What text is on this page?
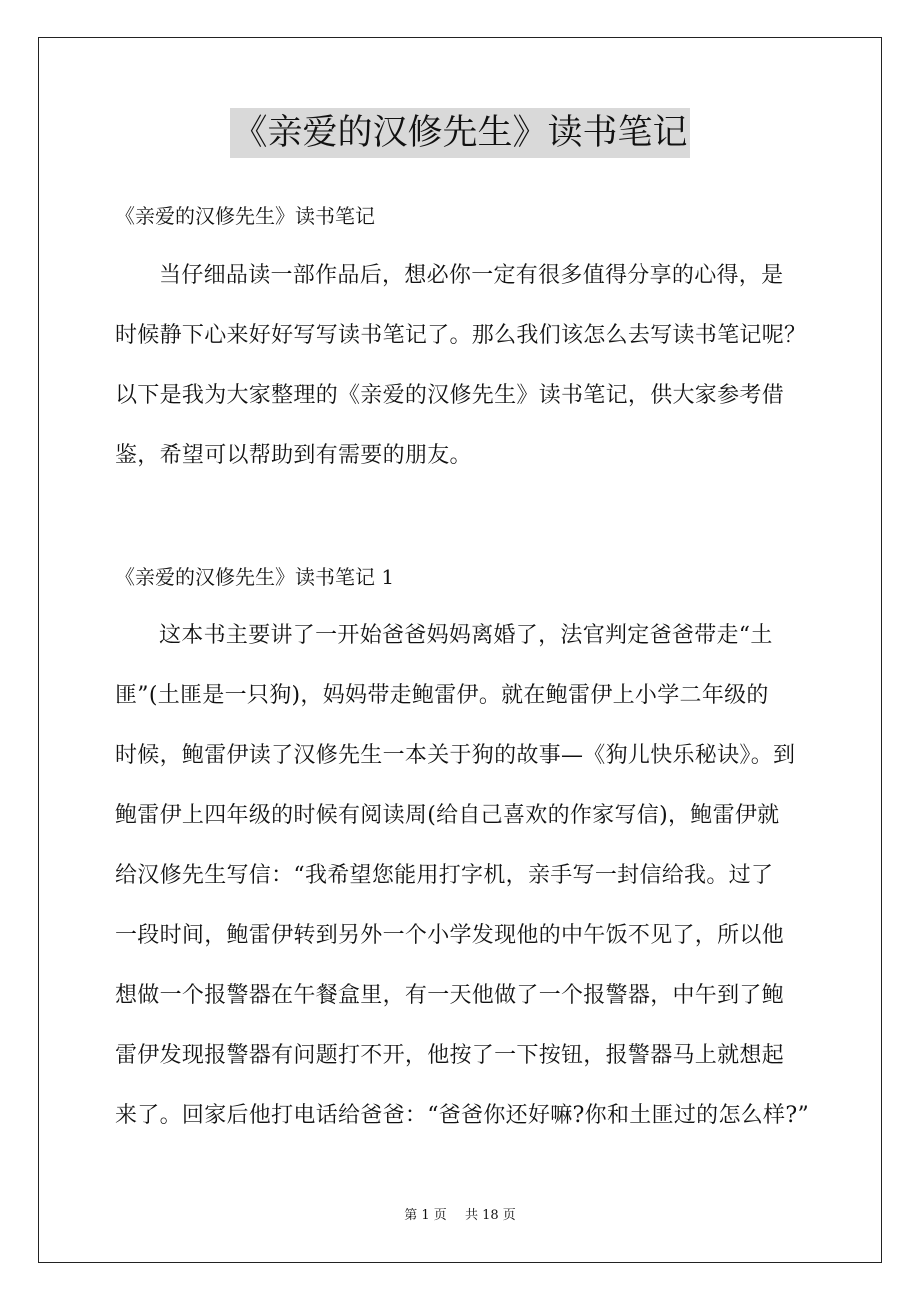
《亲爱的汉修先生》读书笔记

《亲爱的汉修先生》读书笔记

当仔细品读一部作品后，想必你一定有很多值得分享的心得，是
时候静下心来好好写写读书笔记了。那么我们该怎么去写读书笔记呢？
以下是我为大家整理的《亲爱的汉修先生》读书笔记，供大家参考借
鉴，希望可以帮助到有需要的朋友。

《亲爱的汉修先生》读书笔记 1

这本书主要讲了一开始爸爸妈妈离婚了，法官判定爸爸带走“土
匪”(土匪是一只狗)，妈妈带走鲍雷伊。就在鲍雷伊上小学二年级的
时候，鲍雷伊读了汉修先生一本关于狗的故事—《狗儿快乐秘诀》。到
鲍雷伊上四年级的时候有阅读周(给自己喜欢的作家写信)，鲍雷伊就
给汉修先生写信：“我希望您能用打字机，亲手写一封信给我。过了
一段时间，鲍雷伊转到另外一个小学发现他的中午饭不见了，所以他
想做一个报警器在午餐盒里，有一天他做了一个报警器，中午到了鲍
雷伊发现报警器有问题打不开，他按了一下按钮，报警器马上就想起
来了。回家后他打电话给爸爸：“爸爸你还好嘛?你和土匪过的怎么样?”
第 1 页 共 18 页
